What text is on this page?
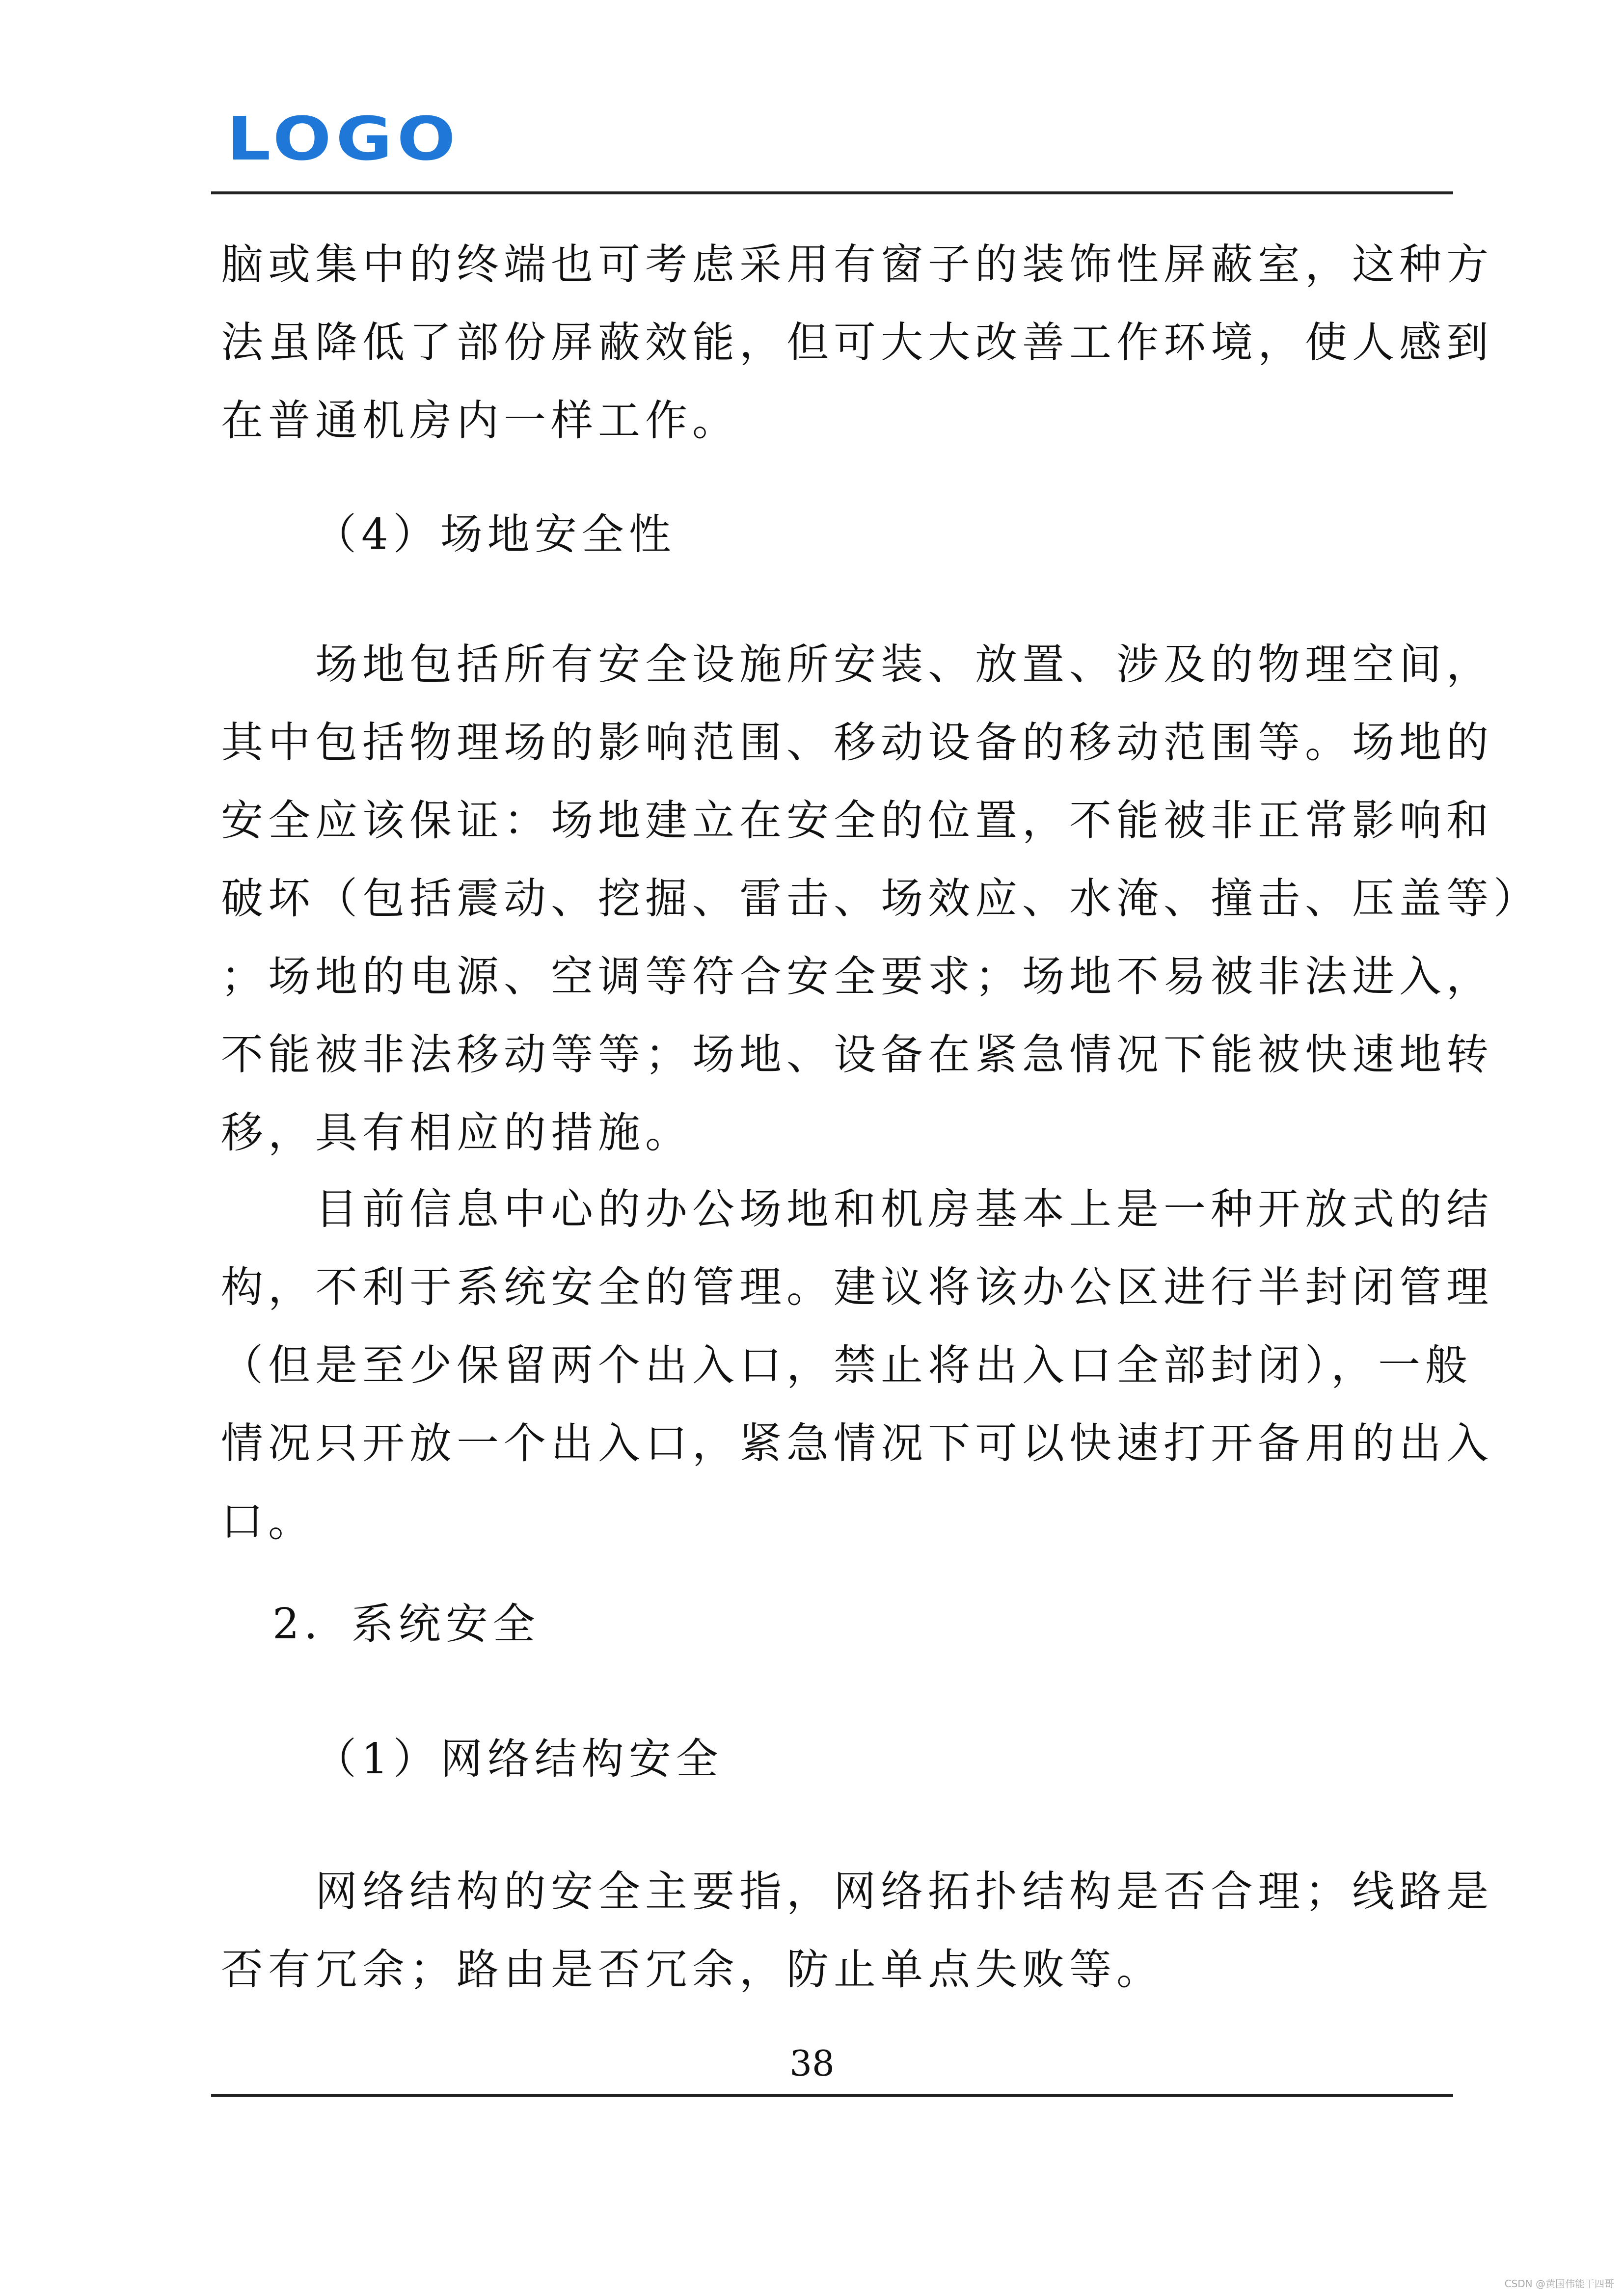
LOGO

脑或集中的终端也可考虑采用有窗子的装饰性屏蔽室，这种方
法虽降低了部份屏蔽效能，但可大大改善工作环境，使人感到
在普通机房内一样工作。

（4）场地安全性

　　场地包括所有安全设施所安装、放置、涉及的物理空间，
其中包括物理场的影响范围、移动设备的移动范围等。场地的
安全应该保证：场地建立在安全的位置，不能被非正常影响和
破坏（包括震动、挖掘、雷击、场效应、水淹、撞击、压盖等）
；场地的电源、空调等符合安全要求；场地不易被非法进入，
不能被非法移动等等；场地、设备在紧急情况下能被快速地转
移，具有相应的措施。

　　目前信息中心的办公场地和机房基本上是一种开放式的结
构，不利于系统安全的管理。建议将该办公区进行半封闭管理
（但是至少保留两个出入口，禁止将出入口全部封闭），一般
情况只开放一个出入口，紧急情况下可以快速打开备用的出入
口。

2．系统安全
（1）网络结构安全

　　网络结构的安全主要指，网络拓扑结构是否合理；线路是
否有冗余；路由是否冗余，防止单点失败等。

38
CSDN @黄国伟能干四哥
